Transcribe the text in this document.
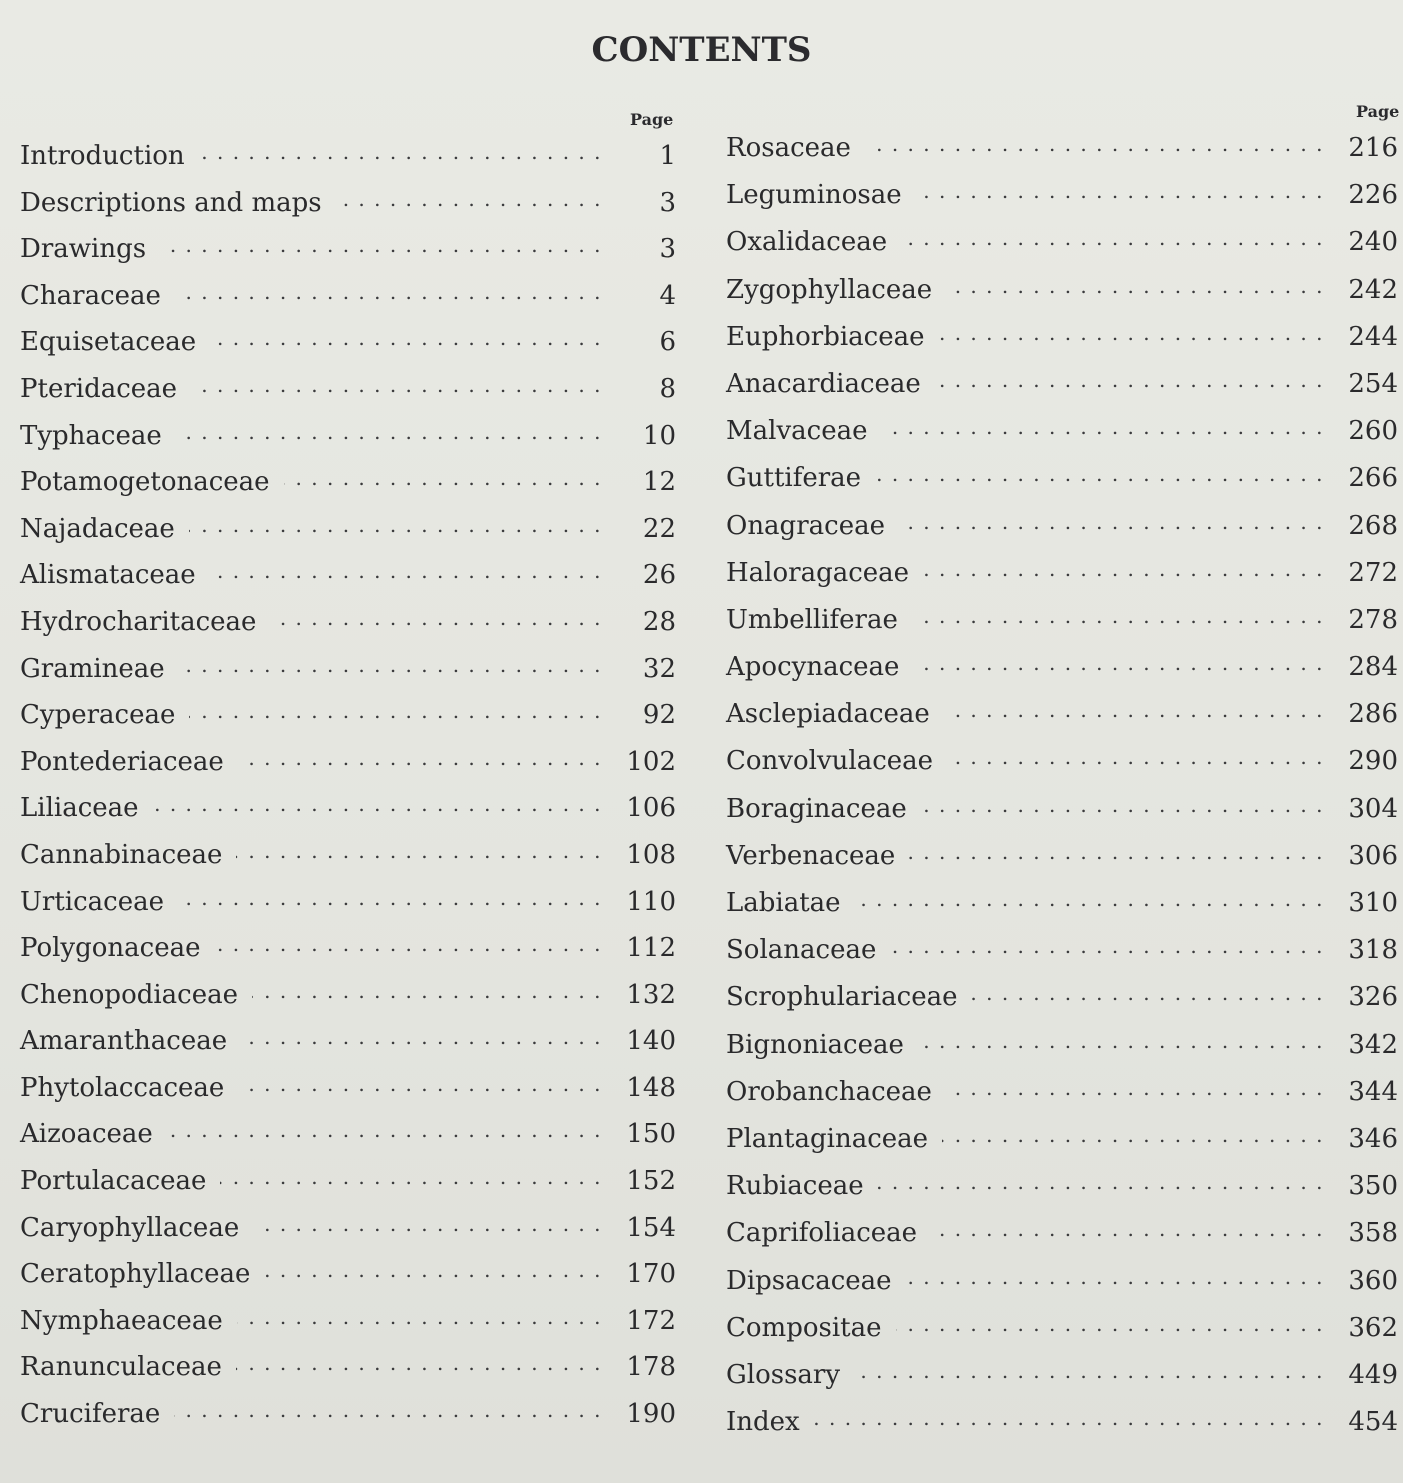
CONTENTS
Page	Page
Introduction . . .	1
Descriptions and maps . . .	3
Drawings . . .	3
Characeae . . .	4
Equisetaceae . . .	6
Pteridaceae . . .	8
Typhaceae . . .	10
Potamogetonaceae . . .	12
Najadaceae . . .	22
Alismataceae . . .	26
Hydrocharitaceae . . .	28
Gramineae . . .	32
Cyperaceae . . .	92
Pontederiaceae . . .	102
Liliaceae . . .	106
Cannabinaceae . . .	108
Urticaceae . . .	110
Polygonaceae . . .	112
Chenopodiaceae . . .	132
Amaranthaceae . . .	140
Phytolaccaceae . . .	148
Aizoaceae . . .	150
Portulacaceae . . .	152
Caryophyllaceae . . .	154
Ceratophyllaceae . . .	170
Nymphaeaceae . . .	172
Ranunculaceae . . .	178
Cruciferae . . .	190
Rosaceae . . .	216
Leguminosae . . .	226
Oxalidaceae . . .	240
Zygophyllaceae . . .	242
Euphorbiaceae . . .	244
Anacardiaceae . . .	254
Malvaceae . . .	260
Guttiferae . . .	266
Onagraceae . . .	268
Haloragaceae . . .	272
Umbelliferae . . .	278
Apocynaceae . . .	284
Asclepiadaceae . . .	286
Convolvulaceae . . .	290
Boraginaceae . . .	304
Verbenaceae . . .	306
Labiatae . . .	310
Solanaceae . . .	318
Scrophulariaceae . . .	326
Bignoniaceae . . .	342
Orobanchaceae . . .	344
Plantaginaceae . . .	346
Rubiaceae . . .	350
Caprifoliaceae . . .	358
Dipsacaceae . . .	360
Compositae . . .	362
Glossary . . .	449
Index . . .	454
